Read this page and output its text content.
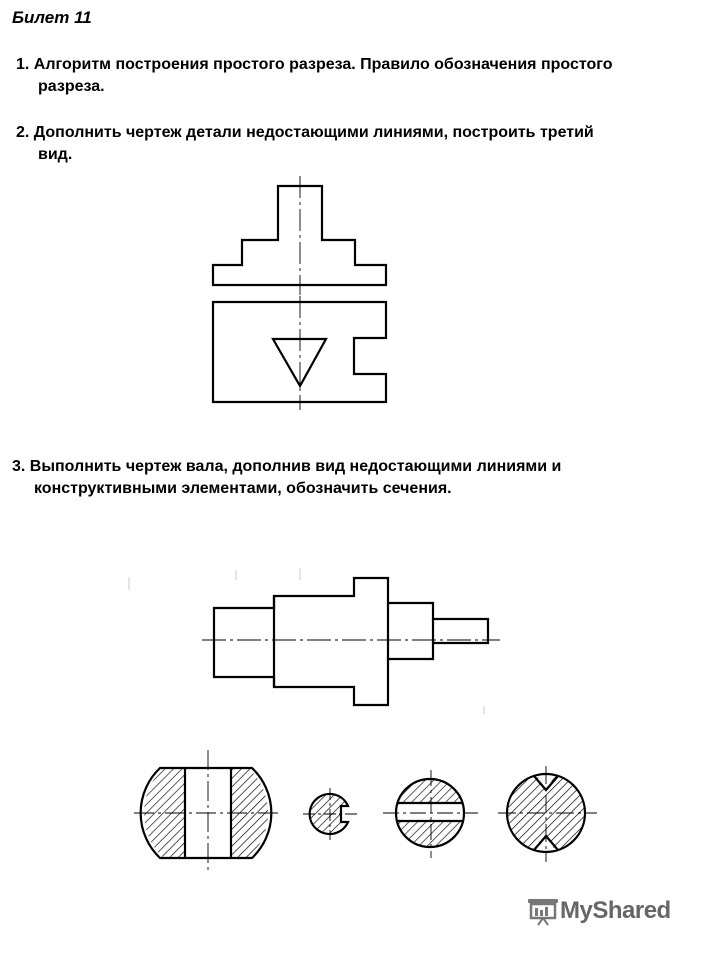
Билет 11
1. Алгоритм построения простого разреза. Правило обозначения простого
разреза.
2. Дополнить чертеж детали недостающими линиями, построить третий
вид.
3. Выполнить чертеж вала, дополнив вид недостающими линиями и
конструктивными элементами, обозначить сечения.
MyShared
